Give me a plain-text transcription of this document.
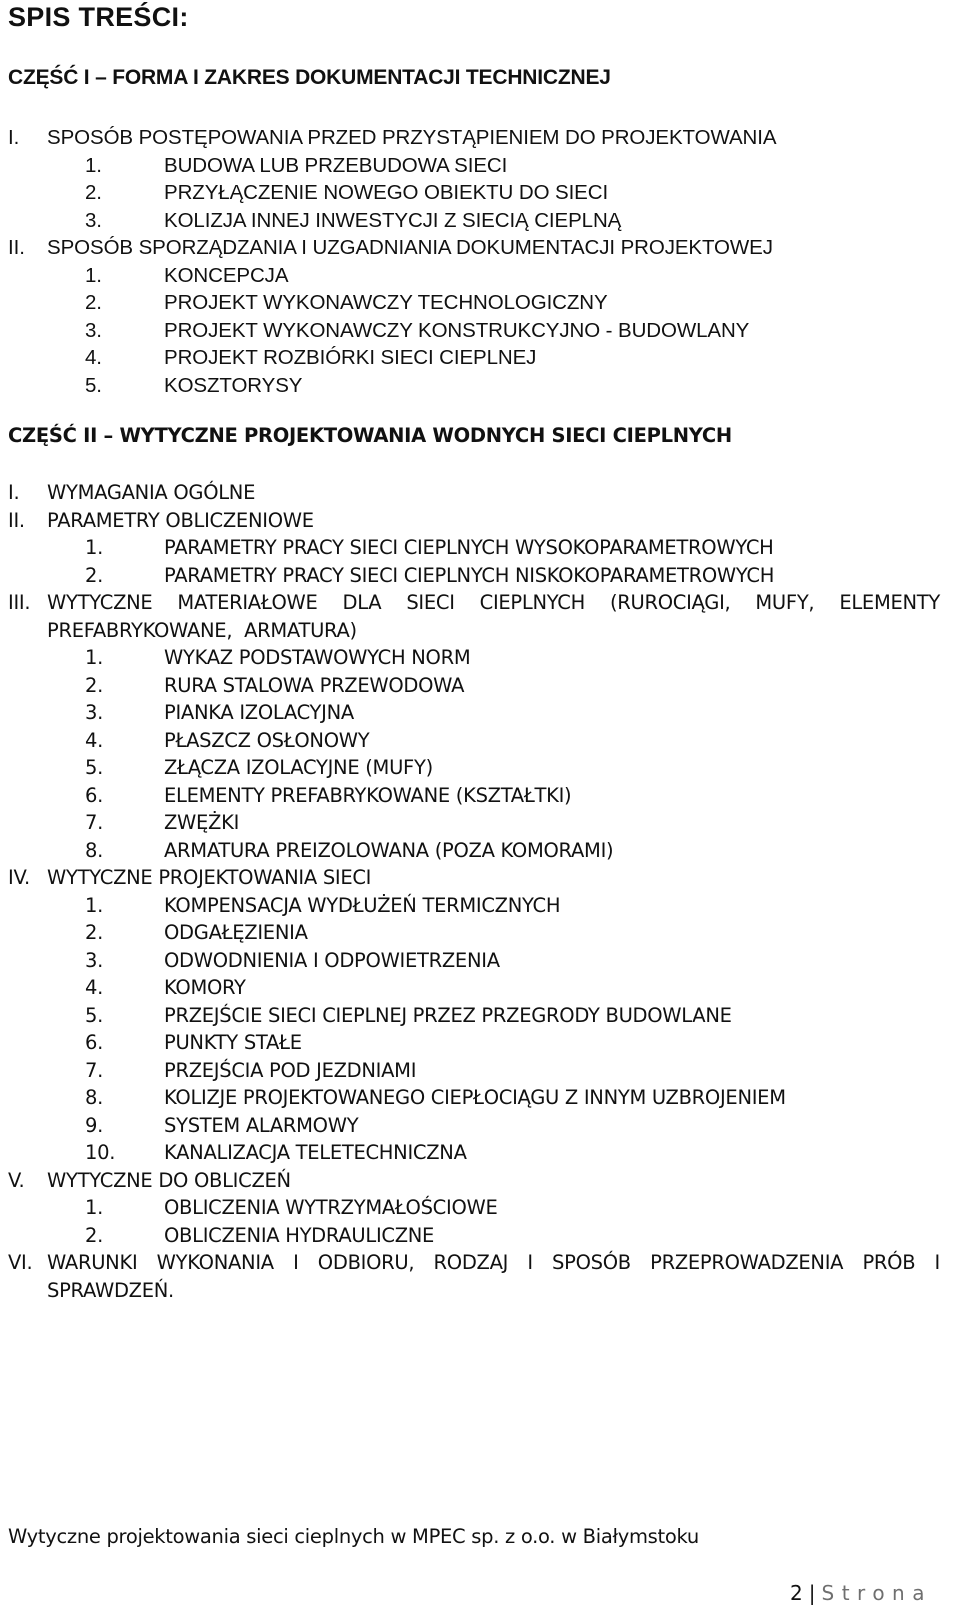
SPIS TREŚCI:
CZĘŚĆ I – FORMA I ZAKRES DOKUMENTACJI TECHNICZNEJ
I. SPOSÓB POSTĘPOWANIA PRZED PRZYSTĄPIENIEM DO PROJEKTOWANIA
1.	BUDOWA LUB PRZEBUDOWA SIECI
2.	PRZYŁĄCZENIE NOWEGO OBIEKTU DO SIECI
3.	KOLIZJA INNEJ INWESTYCJI Z SIECIĄ CIEPLNĄ
II. SPOSÓB SPORZĄDZANIA I UZGADNIANIA DOKUMENTACJI PROJEKTOWEJ
1.	KONCEPCJA
2.	PROJEKT WYKONAWCZY TECHNOLOGICZNY
3.	PROJEKT WYKONAWCZY KONSTRUKCYJNO - BUDOWLANY
4.	PROJEKT ROZBIÓRKI SIECI CIEPLNEJ
5.	KOSZTORYSY
CZĘŚĆ II – WYTYCZNE PROJEKTOWANIA WODNYCH SIECI CIEPLNYCH
I. WYMAGANIA OGÓLNE
II. PARAMETRY OBLICZENIOWE
1.	PARAMETRY PRACY SIECI CIEPLNYCH WYSOKOPARAMETROWYCH
2.	PARAMETRY PRACY SIECI CIEPLNYCH NISKOKOPARAMETROWYCH
III. WYTYCZNE MATERIAŁOWE DLA SIECI CIEPLNYCH (RUROCIĄGI, MUFY, ELEMENTY PREFABRYKOWANE, ARMATURA)
1.	WYKAZ PODSTAWOWYCH NORM
2.	RURA STALOWA PRZEWODOWA
3.	PIANKA IZOLACYJNA
4.	PŁASZCZ OSŁONOWY
5.	ZŁĄCZA IZOLACYJNE (MUFY)
6.	ELEMENTY PREFABRYKOWANE (KSZTAŁTKI)
7.	ZWĘŻKI
8.	ARMATURA PREIZOLOWANA (POZA KOMORAMI)
IV. WYTYCZNE PROJEKTOWANIA SIECI
1.	KOMPENSACJA WYDŁUŻEŃ TERMICZNYCH
2.	ODGAŁĘZIENIA
3.	ODWODNIENIA I ODPOWIETRZENIA
4.	KOMORY
5.	PRZEJŚCIE SIECI CIEPLNEJ PRZEZ PRZEGRODY BUDOWLANE
6.	PUNKTY STAŁE
7.	PRZEJŚCIA POD JEZDNIAMI
8.	KOLIZJE PROJEKTOWANEGO CIEPŁOCIĄGU Z INNYM UZBROJENIEM
9.	SYSTEM ALARMOWY
10.	KANALIZACJA TELETECHNICZNA
V. WYTYCZNE DO OBLICZEŃ
1.	OBLICZENIA WYTRZYMAŁOŚCIOWE
2.	OBLICZENIA HYDRAULICZNE
VI. WARUNKI WYKONANIA I ODBIORU, RODZAJ I SPOSÓB PRZEPROWADZENIA PRÓB I SPRAWDZEŃ.
Wytyczne projektowania sieci cieplnych w MPEC sp. z o.o. w Białymstoku
2 | Strona
